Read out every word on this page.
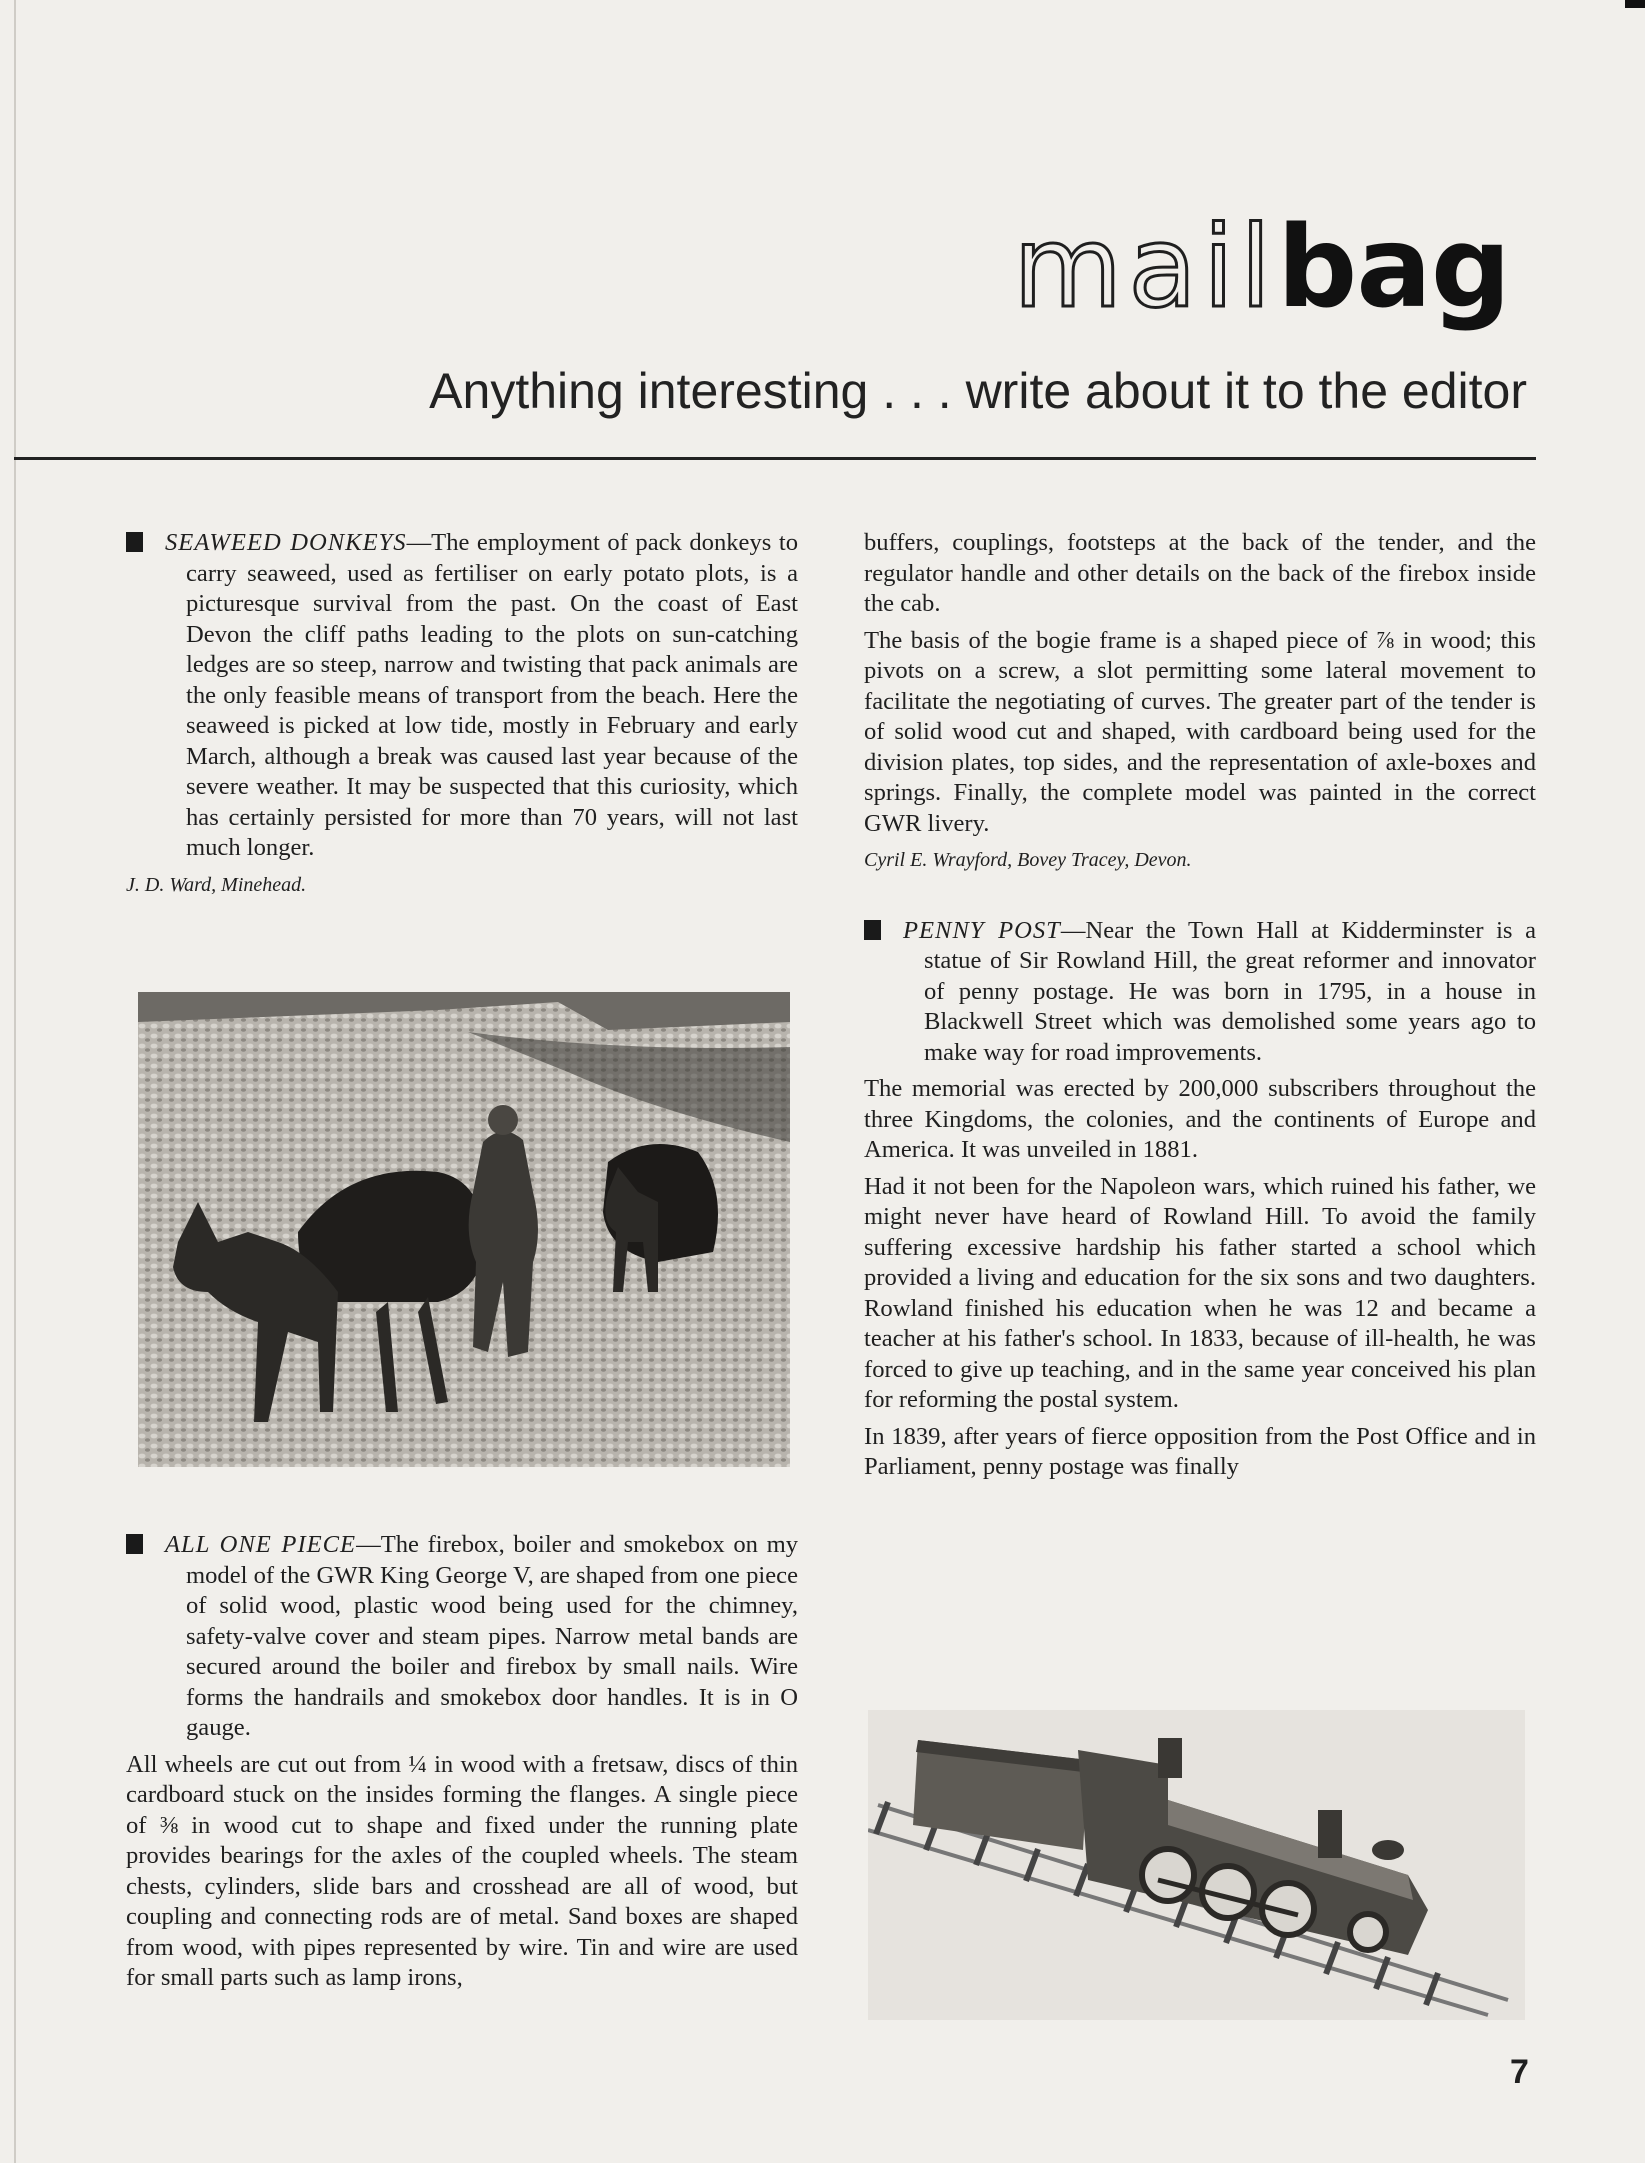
mailbag
Anything interesting . . . write about it to the editor

SEAWEED DONKEYS—The employment of pack donkeys to carry seaweed, used as fertiliser on early potato plots, is a picturesque survival from the past. On the coast of East Devon the cliff paths leading to the plots on sun-catching ledges are so steep, narrow and twisting that pack animals are the only feasible means of transport from the beach. Here the seaweed is picked at low tide, mostly in February and early March, although a break was caused last year because of the severe weather. It may be suspected that this curiosity, which has certainly persisted for more than 70 years, will not last much longer.

J. D. Ward, Minehead.

ALL ONE PIECE—The firebox, boiler and smokebox on my model of the GWR King George V, are shaped from one piece of solid wood, plastic wood being used for the chimney, safety-valve cover and steam pipes. Narrow metal bands are secured around the boiler and firebox by small nails. Wire forms the handrails and smokebox door handles. It is in O gauge.

All wheels are cut out from ¼ in wood with a fretsaw, discs of thin cardboard stuck on the insides forming the flanges. A single piece of ⅜ in wood cut to shape and fixed under the running plate provides bearings for the axles of the coupled wheels. The steam chests, cylinders, slide bars and crosshead are all of wood, but coupling and connecting rods are of metal. Sand boxes are shaped from wood, with pipes represented by wire. Tin and wire are used for small parts such as lamp irons,

buffers, couplings, footsteps at the back of the tender, and the regulator handle and other details on the back of the firebox inside the cab.

The basis of the bogie frame is a shaped piece of ⅞ in wood; this pivots on a screw, a slot permitting some lateral movement to facilitate the negotiating of curves. The greater part of the tender is of solid wood cut and shaped, with cardboard being used for the division plates, top sides, and the representation of axle-boxes and springs. Finally, the complete model was painted in the correct GWR livery.

Cyril E. Wrayford, Bovey Tracey, Devon.

PENNY POST—Near the Town Hall at Kidderminster is a statue of Sir Rowland Hill, the great reformer and innovator of penny postage. He was born in 1795, in a house in Blackwell Street which was demolished some years ago to make way for road improvements.

The memorial was erected by 200,000 subscribers throughout the three Kingdoms, the colonies, and the continents of Europe and America. It was unveiled in 1881.

Had it not been for the Napoleon wars, which ruined his father, we might never have heard of Rowland Hill. To avoid the family suffering excessive hardship his father started a school which provided a living and education for the six sons and two daughters. Rowland finished his education when he was 12 and became a teacher at his father's school. In 1833, because of ill-health, he was forced to give up teaching, and in the same year conceived his plan for reforming the postal system.

In 1839, after years of fierce opposition from the Post Office and in Parliament, penny postage was finally

7
